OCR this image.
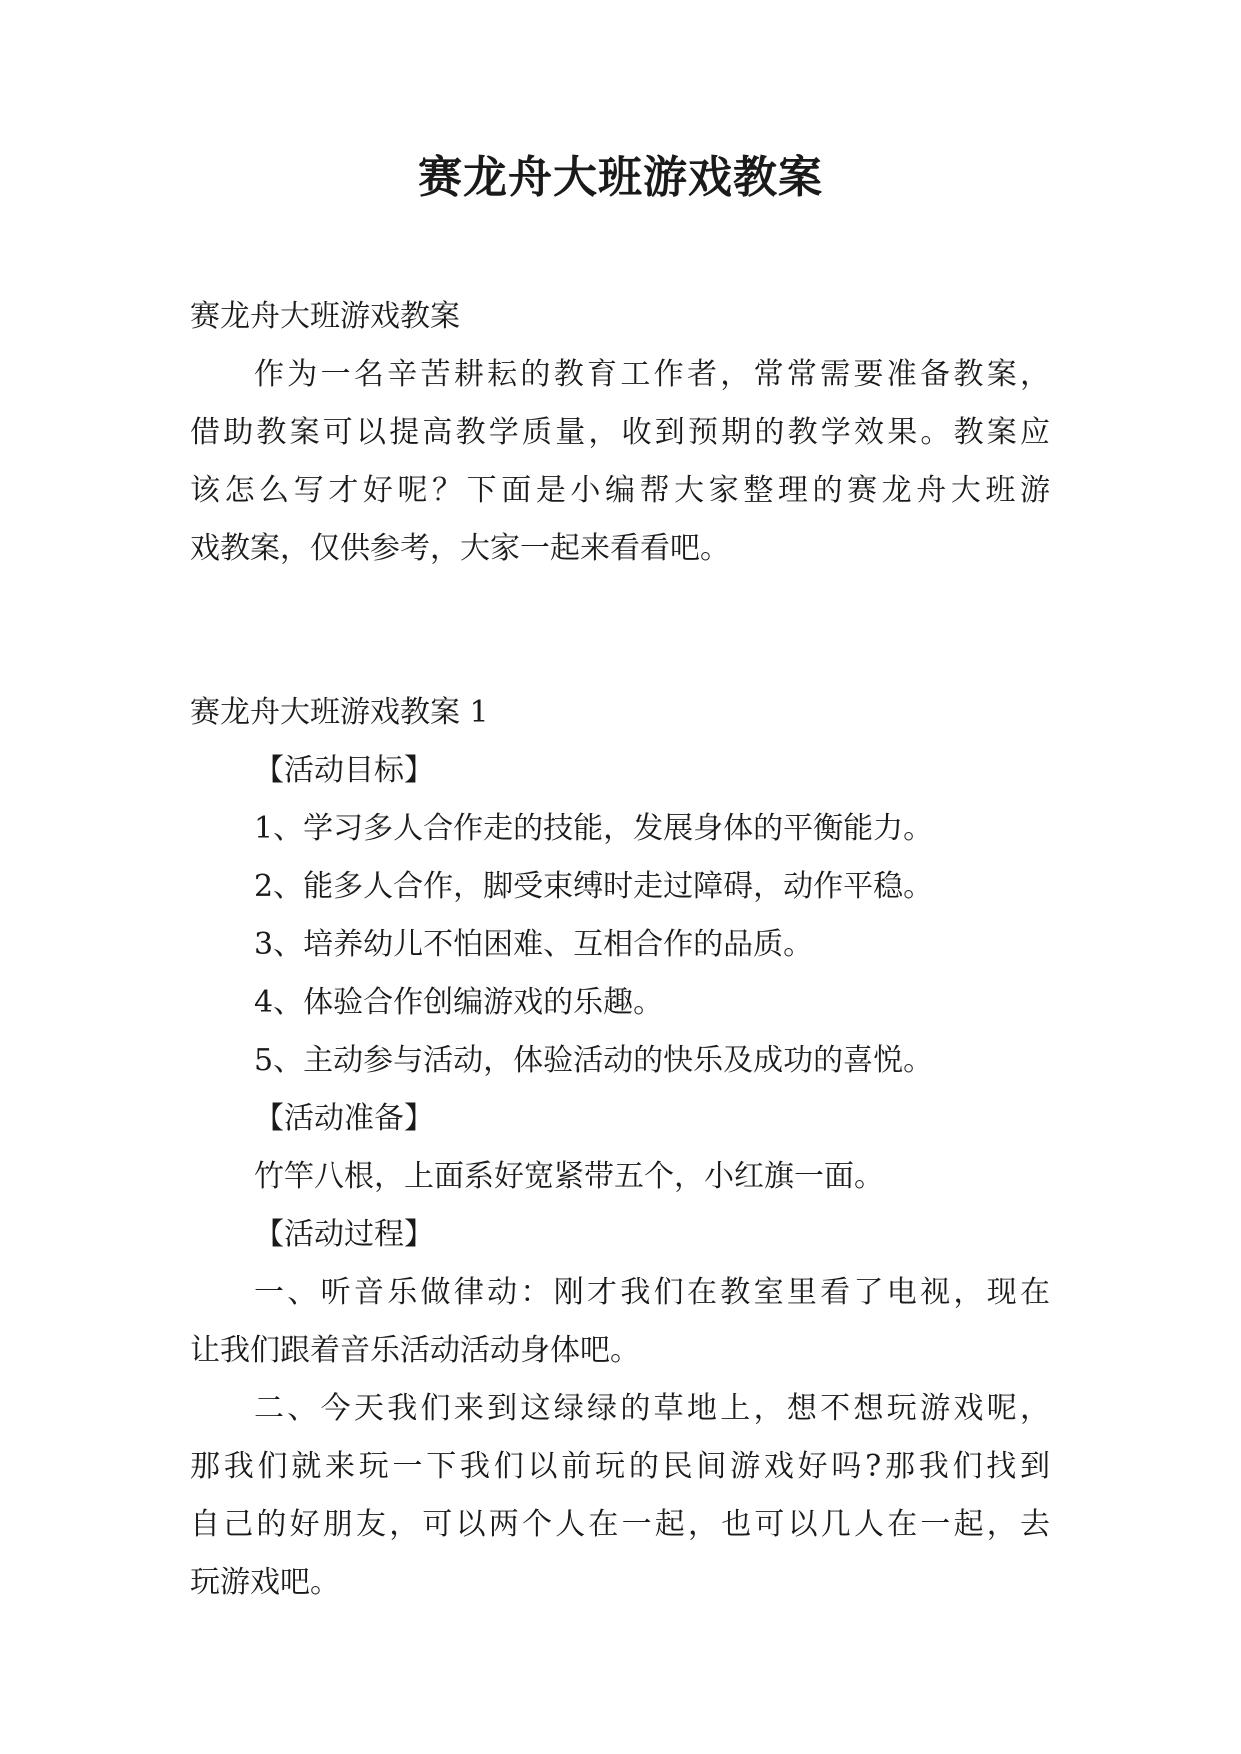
赛龙舟大班游戏教案

赛龙舟大班游戏教案

作为一名辛苦耕耘的教育工作者，常常需要准备教案，

借助教案可以提高教学质量，收到预期的教学效果。教案应

该怎么写才好呢？下面是小编帮大家整理的赛龙舟大班游

戏教案，仅供参考，大家一起来看看吧。

赛龙舟大班游戏教案 1

【活动目标】

1、学习多人合作走的技能，发展身体的平衡能力。

2、能多人合作，脚受束缚时走过障碍，动作平稳。

3、培养幼儿不怕困难、互相合作的品质。

4、体验合作创编游戏的乐趣。

5、主动参与活动，体验活动的快乐及成功的喜悦。

【活动准备】

竹竿八根，上面系好宽紧带五个，小红旗一面。

【活动过程】

一、听音乐做律动：刚才我们在教室里看了电视，现在

让我们跟着音乐活动活动身体吧。

二、今天我们来到这绿绿的草地上，想不想玩游戏呢，

那我们就来玩一下我们以前玩的民间游戏好吗?那我们找到

自己的好朋友，可以两个人在一起，也可以几人在一起，去

玩游戏吧。
